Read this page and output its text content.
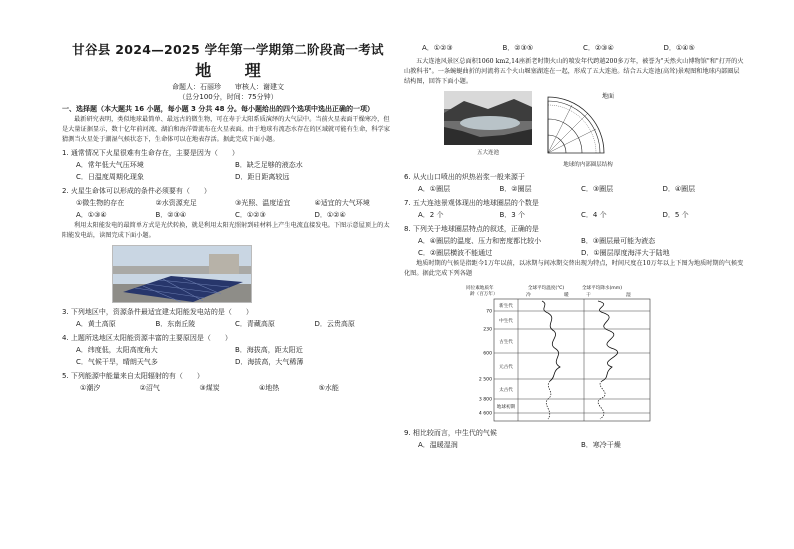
甘谷县 2024—2025 学年第一学期第二阶段高一考试
地 理
命题人：石丽珍　　审核人：谢建文
（总分100分，时间：75分钟）
一、选择题（本大题共 16 小题，每小题 3 分共 48 分。每小题给出的四个选项中选出正确的一项）
最新研究表明，类似地球最简单、最远古的微生物，可在寿于太阳系质演绎的大气层中。当前火星表面干燥寒冷，但是大量证据显示，数十亿年前河流、湖泊和海洋曾流布在火星表面。由于地球有流态水存在的区域就可能有生命，科学家猜测当火星处于潮湿气候状态下，生命体可以在地表存活。据此完成下面小题。
1. 通常情况下火星很难有生命存在，主要是因为（　　）
A．常年低大气压环境	B．缺乏足够的液态水
C．日温度周期化现象	D．距日距离较远
2. 火星生命体可以形成的条件必须要有（　　）
①微生物的存在	②水资源充足	③光照、温度适宜	④适宜的大气环境
A．①③④	B．②③④	C．①②③	D．①②④
利用太阳能发电的最简单方式是光伏转换，就是利用太阳光照射到硅材料上产生电流直接发电。下图示意屋顶上的太阳能发电站，读图完成下面小题。
3. 下列地区中，资源条件最适宜建太阳能发电站的是（　　）
A．黄土高原	B．东南丘陵	C．青藏高原	D．云贵高原
4. 上题所选地区太阳能资源丰富的主要原因是（　　）
A．纬度低，太阳高度角大	B．海拔高，距太阳近
C．气候干旱，晴朗天气多	D．海拔高，大气稀薄
5. 下列能源中能量来自太阳辐射的有（　　）
①潮汐	②沼气	③煤炭	④地热	⑤水能
A．①②③	B．②③⑤	C．②③④	D．①④⑤
五大连池风景区总面积1060 km2,14座新老时期火山的喷发年代跨越200多万年，被誉为"天然火山博物馆"和"打开的火山教科书"。一条蜿蜒曲折的河流将五个火山堰塞湖连在一起，形成了五大连池。结合五大连池(高耸)景观图和地球内部圈层结构图，回答下面小题。
五大连池
地面
地球的内部圈层结构
6. 从火山口喷出的炽热岩浆一般来源于
A．①圈层	B．②圈层	C．③圈层	D．④圈层
7. 五大连池景观体现出的地球圈层的个数是
A．2 个	B．3 个	C．4 个	D．5 个
8. 下列关于地球圈层特点的叙述，正确的是
A．④圈层的温度、压力和密度都比较小	B．③圈层最可能为液态
C．②圈层横波不能通过	D．①圈层厚度海洋大于陆地
地质时期的气候是指距今1万年以前，以冰期与间冰期交替出现为特点，时间尺度在10万年以上下图为地质时期的气候变化图。据此完成下列各题
同位素地质年
龄（百万年）
全球平均温度(℃)	全球平均降水(mm)
冷	暖	干	湿
新生代
中生代
古生代
元古代
太古代
地球初期
70
230
600
2 500
3 800
4 600
9. 相比较而言，中生代的气候
A．温暖湿润	B．寒冷干燥
